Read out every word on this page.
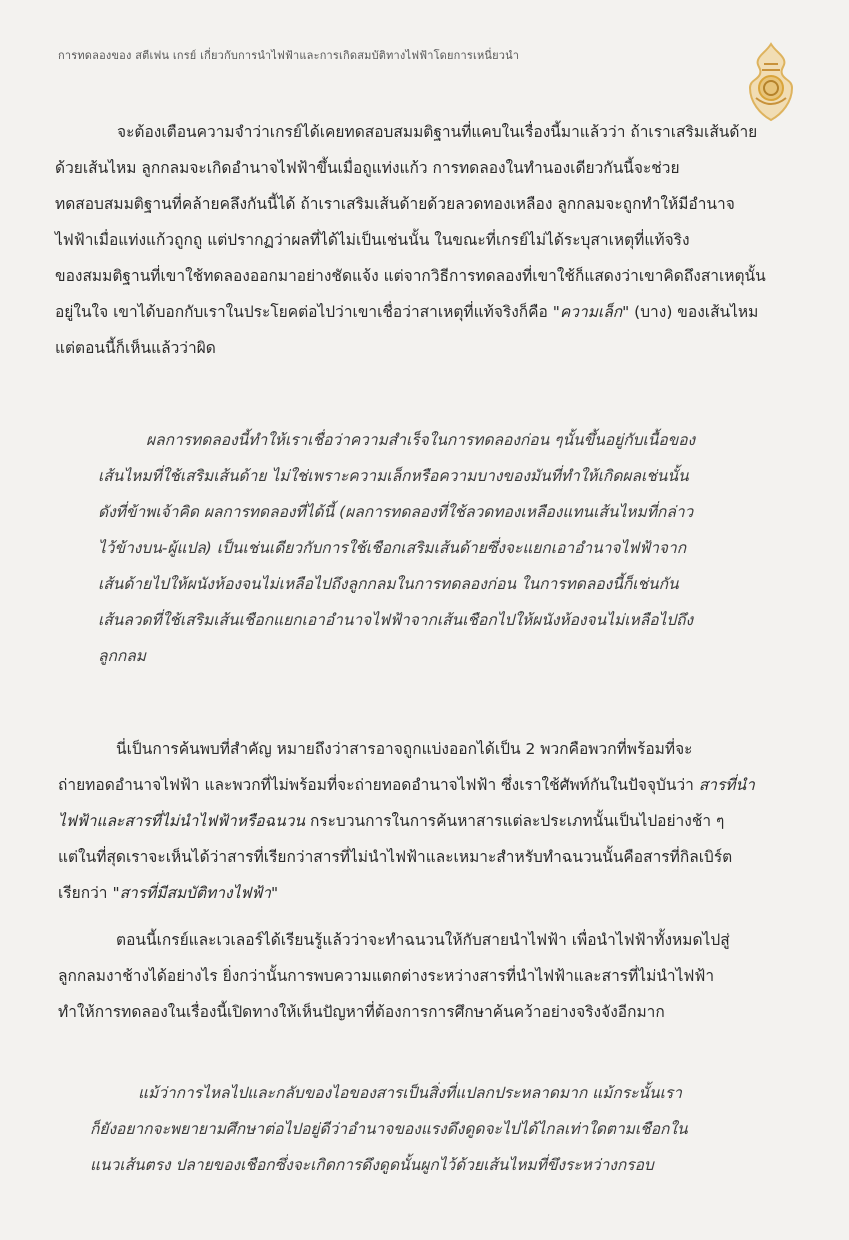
การทดลองของ สตีเฟน เกรย์ เกี่ยวกับการนำไฟฟ้าและการเกิดสมบัติทางไฟฟ้าโดยการเหนี่ยวนำ
จะต้องเตือนความจำว่าเกรย์ได้เคยทดสอบสมมติฐานที่แคบในเรื่องนี้มาแล้วว่า ถ้าเราเสริมเส้นด้าย
ด้วยเส้นไหม ลูกกลมจะเกิดอำนาจไฟฟ้าขึ้นเมื่อถูแท่งแก้ว การทดลองในทำนองเดียวกันนี้จะช่วย
ทดสอบสมมติฐานที่คล้ายคลึงกันนี้ได้ ถ้าเราเสริมเส้นด้ายด้วยลวดทองเหลือง ลูกกลมจะถูกทำให้มีอำนาจ
ไฟฟ้าเมื่อแท่งแก้วถูกถู แต่ปรากฏว่าผลที่ได้ไม่เป็นเช่นนั้น ในขณะที่เกรย์ไม่ได้ระบุสาเหตุที่แท้จริง
ของสมมติฐานที่เขาใช้ทดลองออกมาอย่างชัดแจ้ง แต่จากวิธีการทดลองที่เขาใช้ก็แสดงว่าเขาคิดถึงสาเหตุนั้น
อยู่ในใจ เขาได้บอกกับเราในประโยคต่อไปว่าเขาเชื่อว่าสาเหตุที่แท้จริงก็คือ "ความเล็ก" (บาง) ของเส้นไหม
แต่ตอนนี้ก็เห็นแล้วว่าผิด
ผลการทดลองนี้ทำให้เราเชื่อว่าความสำเร็จในการทดลองก่อน ๆนั้นขึ้นอยู่กับเนื้อของ
เส้นไหมที่ใช้เสริมเส้นด้าย ไม่ใช่เพราะความเล็กหรือความบางของมันที่ทำให้เกิดผลเช่นนั้น
ดังที่ข้าพเจ้าคิด ผลการทดลองที่ได้นี้ (ผลการทดลองที่ใช้ลวดทองเหลืองแทนเส้นไหมที่กล่าว
ไว้ข้างบน-ผู้แปล) เป็นเช่นเดียวกับการใช้เชือกเสริมเส้นด้ายซึ่งจะแยกเอาอำนาจไฟฟ้าจาก
เส้นด้ายไปให้ผนังห้องจนไม่เหลือไปถึงลูกกลมในการทดลองก่อน ในการทดลองนี้ก็เช่นกัน
เส้นลวดที่ใช้เสริมเส้นเชือกแยกเอาอำนาจไฟฟ้าจากเส้นเชือกไปให้ผนังห้องจนไม่เหลือไปถึง
ลูกกลม
นี่เป็นการค้นพบที่สำคัญ หมายถึงว่าสารอาจถูกแบ่งออกได้เป็น 2 พวกคือพวกที่พร้อมที่จะ
ถ่ายทอดอำนาจไฟฟ้า และพวกที่ไม่พร้อมที่จะถ่ายทอดอำนาจไฟฟ้า ซึ่งเราใช้ศัพท์กันในปัจจุบันว่า สารที่นำ
ไฟฟ้าและสารที่ไม่นำไฟฟ้าหรือฉนวน กระบวนการในการค้นหาสารแต่ละประเภทนั้นเป็นไปอย่างช้า ๆ
แต่ในที่สุดเราจะเห็นได้ว่าสารที่เรียกว่าสารที่ไม่นำไฟฟ้าและเหมาะสำหรับทำฉนวนนั้นคือสารที่กิลเบิร์ต
เรียกว่า "สารที่มีสมบัติทางไฟฟ้า"
ตอนนี้เกรย์และเวเลอร์ได้เรียนรู้แล้วว่าจะทำฉนวนให้กับสายนำไฟฟ้า เพื่อนำไฟฟ้าทั้งหมดไปสู่
ลูกกลมงาช้างได้อย่างไร ยิ่งกว่านั้นการพบความแตกต่างระหว่างสารที่นำไฟฟ้าและสารที่ไม่นำไฟฟ้า
ทำให้การทดลองในเรื่องนี้เปิดทางให้เห็นปัญหาที่ต้องการการศึกษาค้นคว้าอย่างจริงจังอีกมาก
แม้ว่าการไหลไปและกลับของไอของสารเป็นสิ่งที่แปลกประหลาดมาก แม้กระนั้นเรา
ก็ยังอยากจะพยายามศึกษาต่อไปอยู่ดีว่าอำนาจของแรงดึงดูดจะไปได้ไกลเท่าใดตามเชือกใน
แนวเส้นตรง ปลายของเชือกซึ่งจะเกิดการดึงดูดนั้นผูกไว้ด้วยเส้นไหมที่ขึงระหว่างกรอบ
